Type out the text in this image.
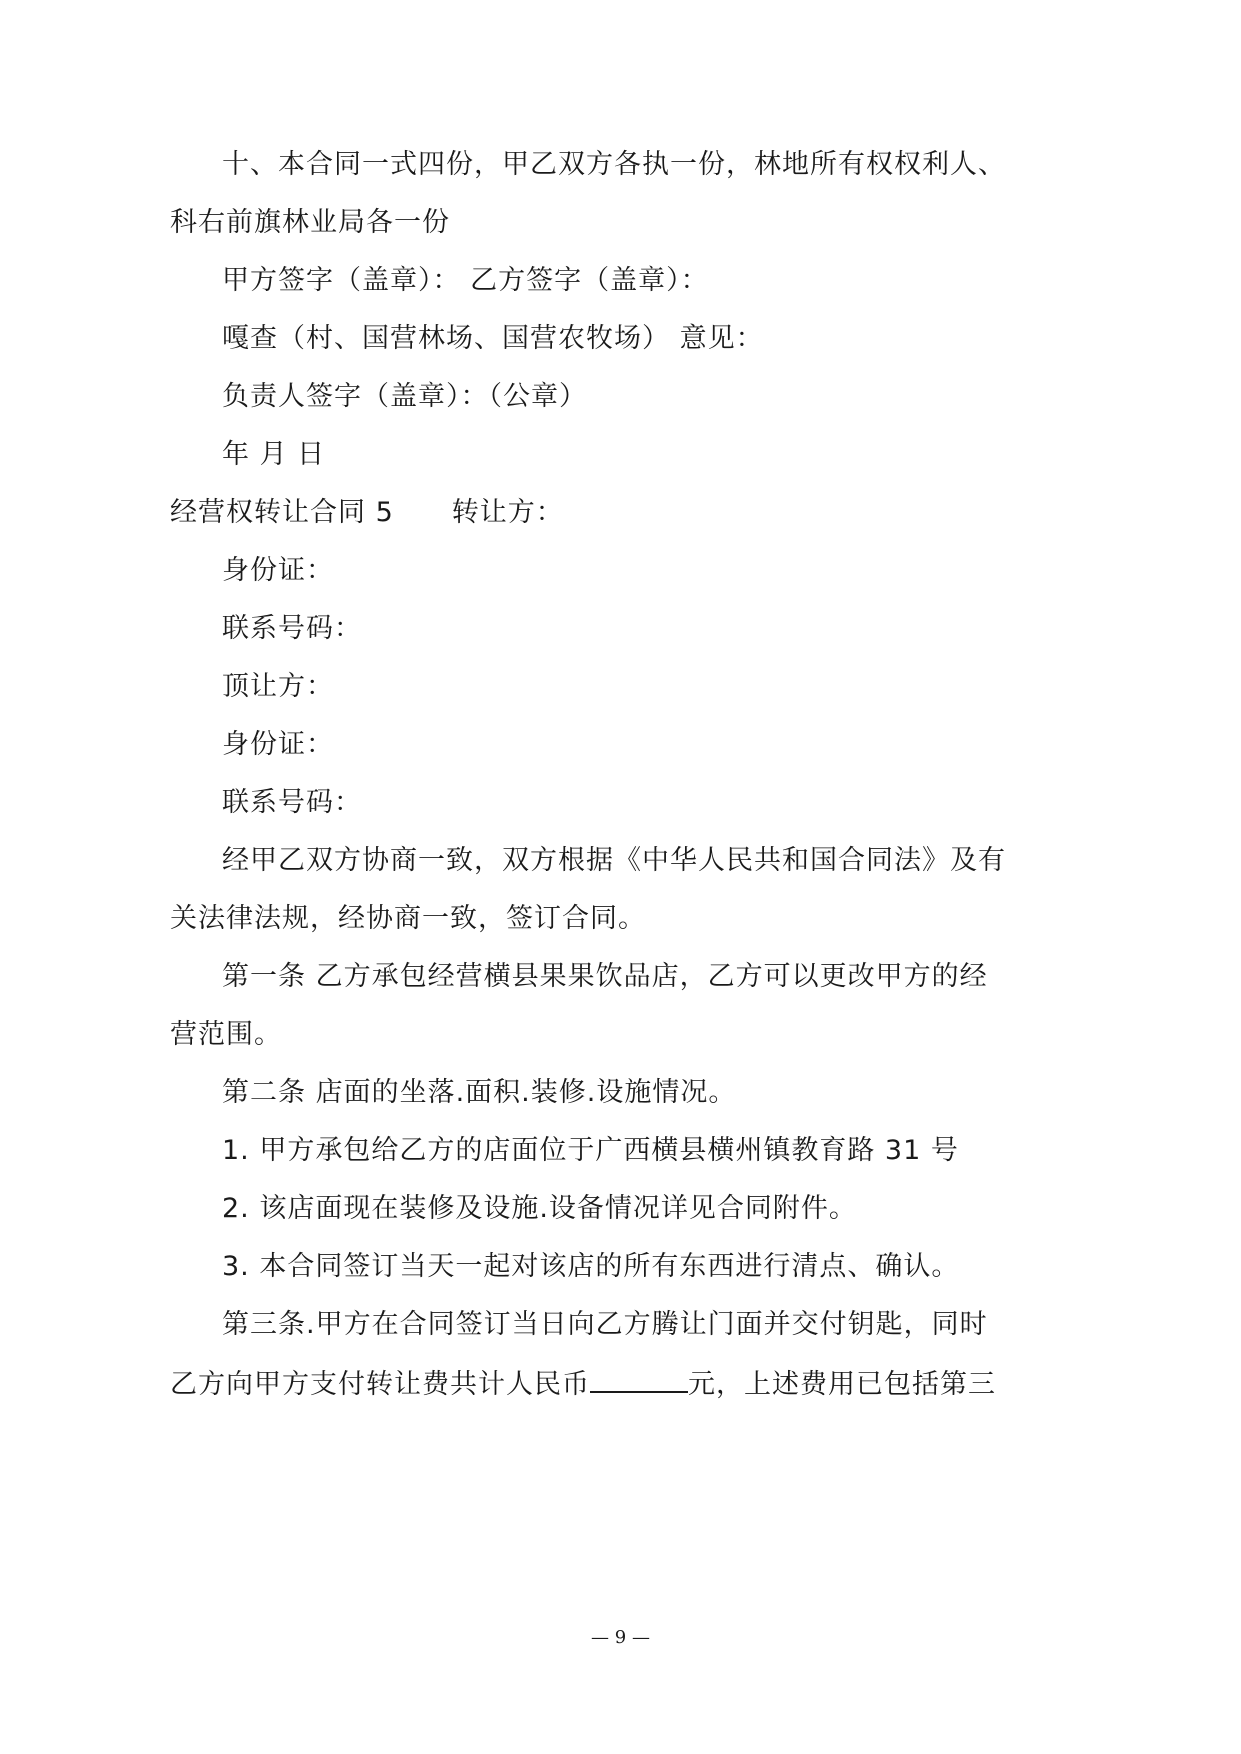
十、本合同一式四份，甲乙双方各执一份，林地所有权权利人、
科右前旗林业局各一份
甲方签字（盖章）： 乙方签字（盖章）：
嘎查（村、国营林场、国营农牧场） 意见：
负责人签字（盖章）：（公章）
年 月 日
经营权转让合同 5 转让方：
身份证：
联系号码：
顶让方：
身份证：
联系号码：
经甲乙双方协商一致，双方根据《中华人民共和国合同法》及有
关法律法规，经协商一致，签订合同。
第一条 乙方承包经营横县果果饮品店，乙方可以更改甲方的经
营范围。
第二条 店面的坐落.面积.装修.设施情况。
1. 甲方承包给乙方的店面位于广西横县横州镇教育路 31 号
2. 该店面现在装修及设施.设备情况详见合同附件。
3. 本合同签订当天一起对该店的所有东西进行清点、确认。
第三条.甲方在合同签订当日向乙方腾让门面并交付钥匙，同时
乙方向甲方支付转让费共计人民币	元，上述费用已包括第三
— 9 —
